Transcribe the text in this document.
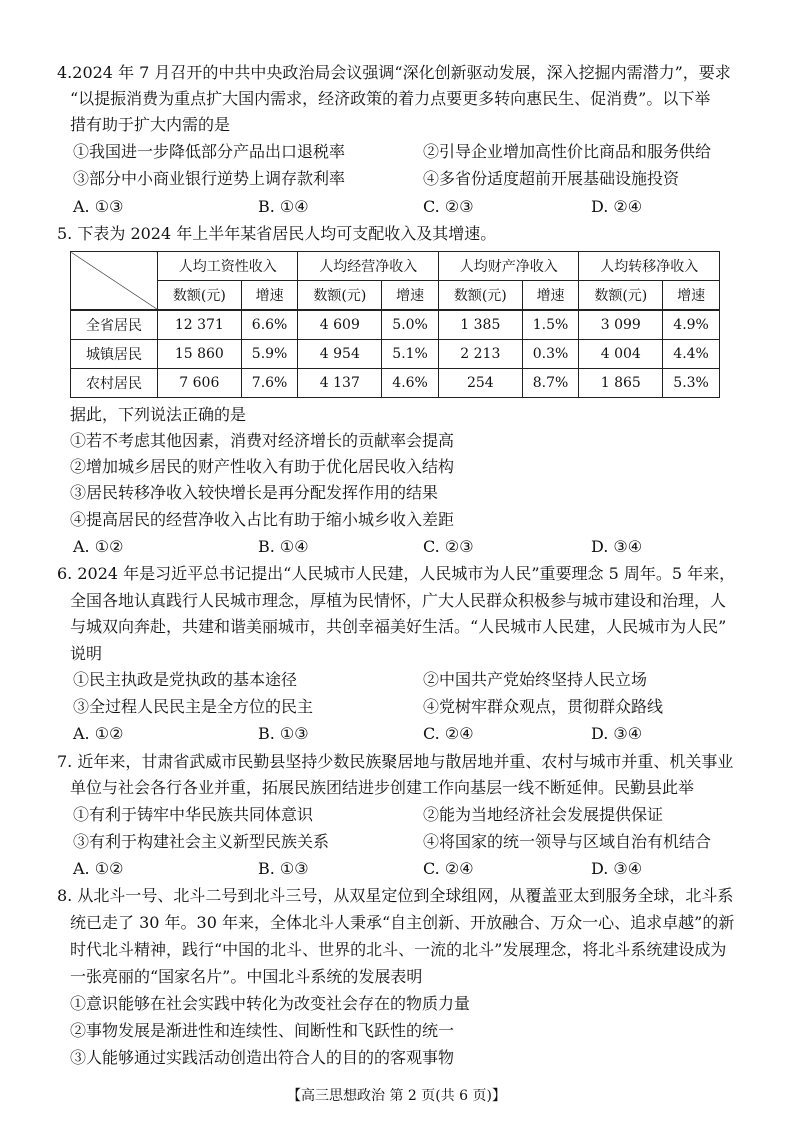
4.2024 年 7 月召开的中共中央政治局会议强调“深化创新驱动发展，深入挖掘内需潜力”，要求
“以提振消费为重点扩大国内需求，经济政策的着力点要更多转向惠民生、促消费”。以下举
措有助于扩大内需的是
①我国进一步降低部分产品出口退税率	②引导企业增加高性价比商品和服务供给
③部分中小商业银行逆势上调存款利率	④多省份适度超前开展基础设施投资
A. ①③	B. ①④	C. ②③	D. ②④
5. 下表为 2024 年上半年某省居民人均可支配收入及其增速。
	人均工资性收入		人均经营净收入		人均财产净收入		人均转移净收入	
	数额(元)	增速	数额(元)	增速	数额(元)	增速	数额(元)	增速
全省居民	12 371	6.6%	4 609	5.0%	1 385	1.5%	3 099	4.9%
城镇居民	15 860	5.9%	4 954	5.1%	2 213	0.3%	4 004	4.4%
农村居民	7 606	7.6%	4 137	4.6%	254	8.7%	1 865	5.3%
据此，下列说法正确的是
①若不考虑其他因素，消费对经济增长的贡献率会提高
②增加城乡居民的财产性收入有助于优化居民收入结构
③居民转移净收入较快增长是再分配发挥作用的结果
④提高居民的经营净收入占比有助于缩小城乡收入差距
A. ①②	B. ①④	C. ②③	D. ③④
6. 2024 年是习近平总书记提出“人民城市人民建，人民城市为人民”重要理念 5 周年。5 年来，
全国各地认真践行人民城市理念，厚植为民情怀，广大人民群众积极参与城市建设和治理，人
与城双向奔赴，共建和谐美丽城市，共创幸福美好生活。“人民城市人民建，人民城市为人民”
说明
①民主执政是党执政的基本途径	②中国共产党始终坚持人民立场
③全过程人民民主是全方位的民主	④党树牢群众观点，贯彻群众路线
A. ①②	B. ①③	C. ②④	D. ③④
7. 近年来，甘肃省武威市民勤县坚持少数民族聚居地与散居地并重、农村与城市并重、机关事业
单位与社会各行各业并重，拓展民族团结进步创建工作向基层一线不断延伸。民勤县此举
①有利于铸牢中华民族共同体意识	②能为当地经济社会发展提供保证
③有利于构建社会主义新型民族关系	④将国家的统一领导与区域自治有机结合
A. ①②	B. ①③	C. ②④	D. ③④
8. 从北斗一号、北斗二号到北斗三号，从双星定位到全球组网，从覆盖亚太到服务全球，北斗系
统已走了 30 年。30 年来，全体北斗人秉承“自主创新、开放融合、万众一心、追求卓越”的新
时代北斗精神，践行“中国的北斗、世界的北斗、一流的北斗”发展理念，将北斗系统建设成为
一张亮丽的“国家名片”。中国北斗系统的发展表明
①意识能够在社会实践中转化为改变社会存在的物质力量
②事物发展是渐进性和连续性、间断性和飞跃性的统一
③人能够通过实践活动创造出符合人的目的的客观事物
【高三思想政治 第 2 页(共 6 页)】
